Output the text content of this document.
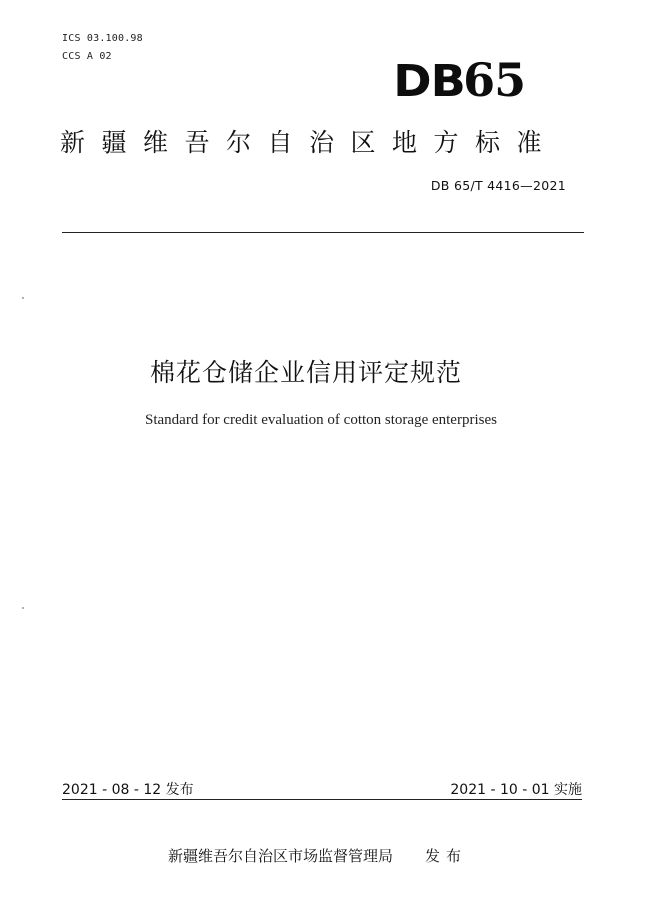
ICS 03.100.98
CCS A 02	DB65
新疆维吾尔自治区地方标准
DB 65/T 4416—2021
棉花仓储企业信用评定规范
Standard for credit evaluation of cotton storage enterprises
2021 - 08 - 12 发布	2021 - 10 - 01 实施
新疆维吾尔自治区市场监督管理局 发布
